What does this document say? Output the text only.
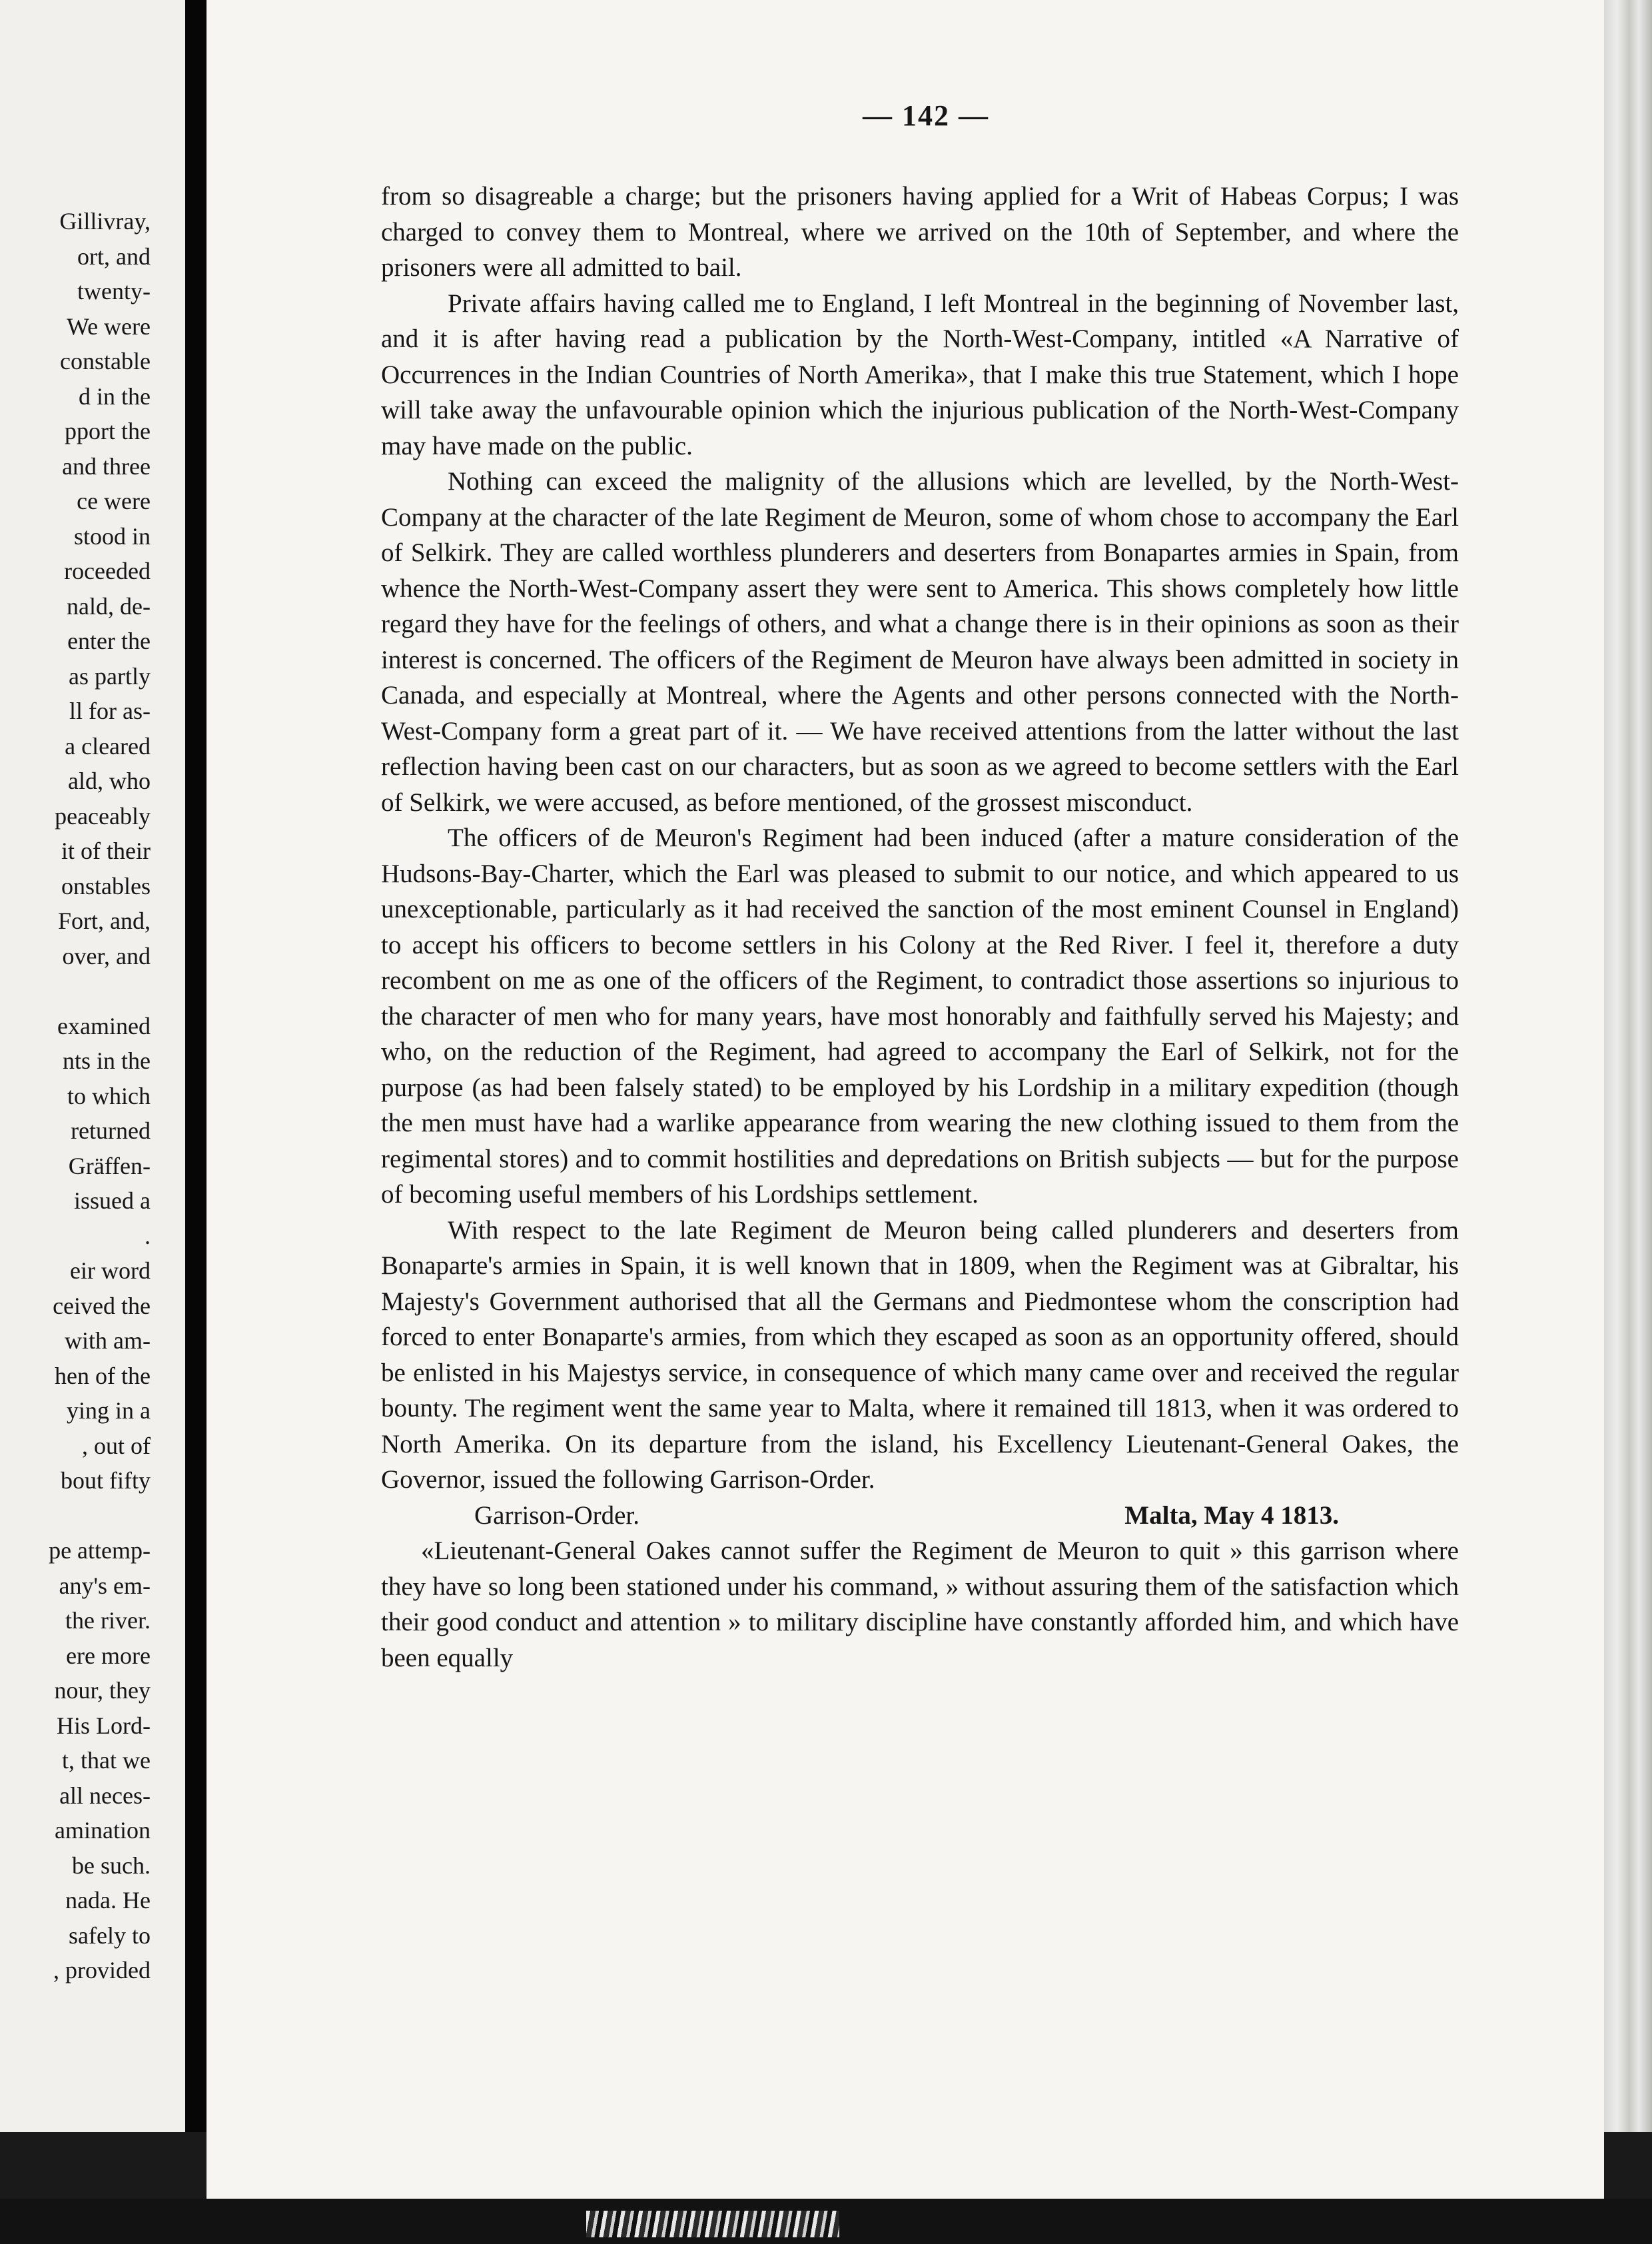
Gillivray,
ort, and
twenty-
We were
constable
d in the
pport the
and three
ce were
stood in
roceeded
nald, de-
enter the
as partly
ll for as-
a cleared
ald, who
peaceably
it of their
onstables
Fort, and,
over, and

examined
nts in the
to which
returned
Gräffen-
issued a
.
eir word
ceived the
with am-
hen of the
ying in a
, out of
bout fifty

pe attemp-
any's em-
the river.
ere more
nour, they
His Lord-
t, that we
all neces-
amination
be such.
nada. He
safely to
, provided
— 142 —

from so disagreable a charge; but the prisoners having applied for a Writ of Habeas Corpus; I was charged to convey them to Montreal, where we arrived on the 10th of September, and where the prisoners were all admitted to bail.

Private affairs having called me to England, I left Montreal in the beginning of November last, and it is after having read a publication by the North-West-Company, intitled «A Narrative of Occurrences in the Indian Countries of North Amerika», that I make this true Statement, which I hope will take away the unfavourable opinion which the injurious publication of the North-West-Company may have made on the public.

Nothing can exceed the malignity of the allusions which are levelled, by the North-West-Company at the character of the late Regiment de Meuron, some of whom chose to accompany the Earl of Selkirk. They are called worthless plunderers and deserters from Bonapartes armies in Spain, from whence the North-West-Company assert they were sent to America. This shows completely how little regard they have for the feelings of others, and what a change there is in their opinions as soon as their interest is concerned. The officers of the Regiment de Meuron have always been admitted in society in Canada, and especially at Montreal, where the Agents and other persons connected with the North-West-Company form a great part of it. — We have received attentions from the latter without the last reflection having been cast on our characters, but as soon as we agreed to become settlers with the Earl of Selkirk, we were accused, as before mentioned, of the grossest misconduct.

The officers of de Meuron's Regiment had been induced (after a mature consideration of the Hudsons-Bay-Charter, which the Earl was pleased to submit to our notice, and which appeared to us unexceptionable, particularly as it had received the sanction of the most eminent Counsel in England) to accept his officers to become settlers in his Colony at the Red River. I feel it, therefore a duty recombent on me as one of the officers of the Regiment, to contradict those assertions so injurious to the character of men who for many years, have most honorably and faithfully served his Majesty; and who, on the reduction of the Regiment, had agreed to accompany the Earl of Selkirk, not for the purpose (as had been falsely stated) to be employed by his Lordship in a military expedition (though the men must have had a warlike appearance from wearing the new clothing issued to them from the regimental stores) and to commit hostilities and depredations on British subjects — but for the purpose of becoming useful members of his Lordships settlement.

With respect to the late Regiment de Meuron being called plunderers and deserters from Bonaparte's armies in Spain, it is well known that in 1809, when the Regiment was at Gibraltar, his Majesty's Government authorised that all the Germans and Piedmontese whom the conscription had forced to enter Bonaparte's armies, from which they escaped as soon as an opportunity offered, should be enlisted in his Majestys service, in consequence of which many came over and received the regular bounty. The regiment went the same year to Malta, where it remained till 1813, when it was ordered to North Amerika. On its departure from the island, his Excellency Lieutenant-General Oakes, the Governor, issued the following Garrison-Order.

Garrison-Order.	Malta, May 4 1813.

«Lieutenant-General Oakes cannot suffer the Regiment de Meuron to quit » this garrison where they have so long been stationed under his command, » without assuring them of the satisfaction which their good conduct and attention » to military discipline have constantly afforded him, and which have been equally
